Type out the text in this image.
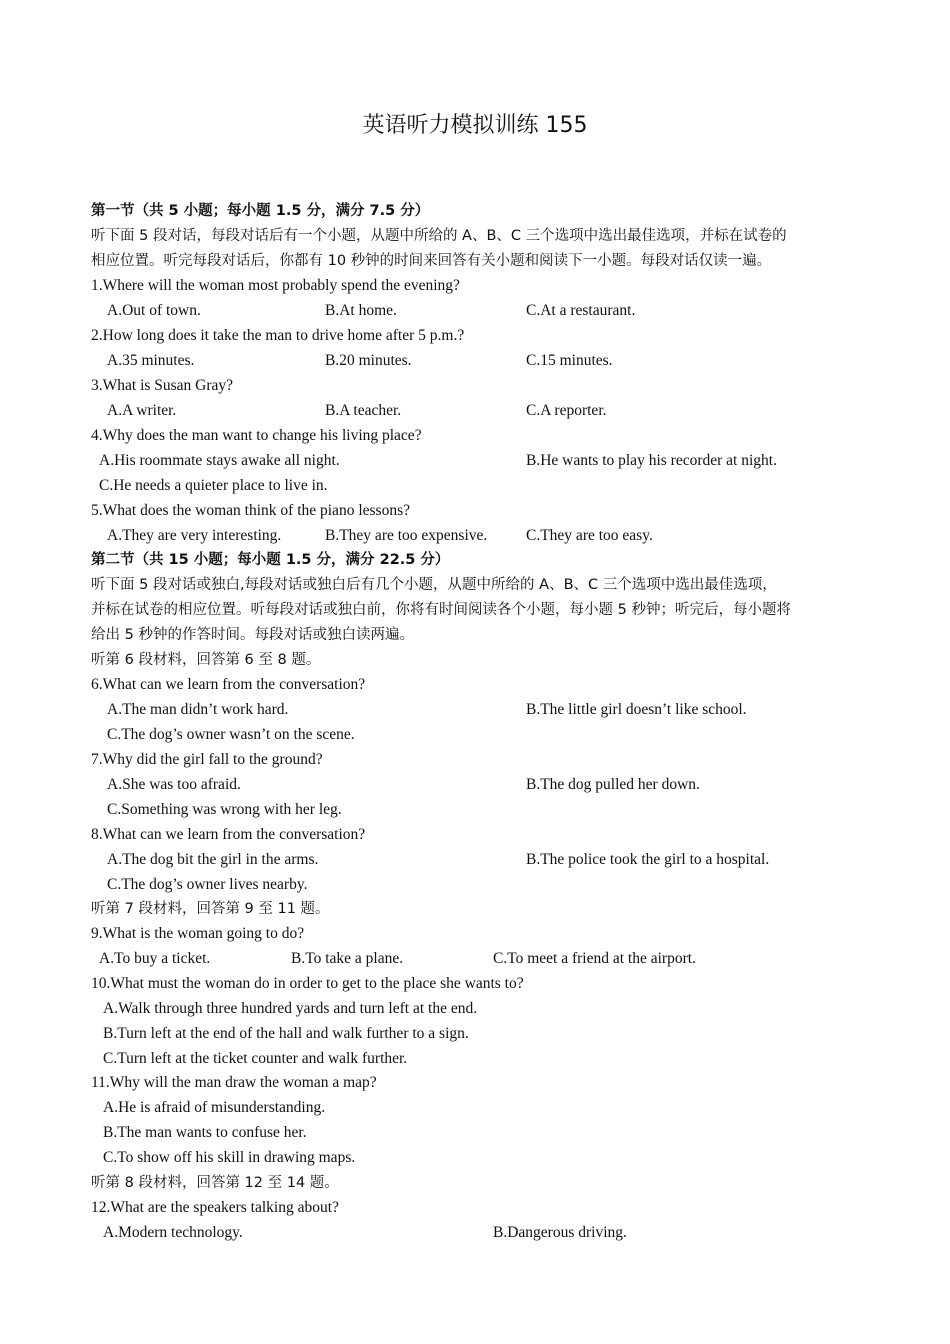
英语听力模拟训练 155
第一节（共 5 小题；每小题 1.5 分，满分 7.5 分）
听下面 5 段对话，每段对话后有一个小题，从题中所给的 A、B、C 三个选项中选出最佳选项，并标在试卷的
相应位置。听完每段对话后，你都有 10 秒钟的时间来回答有关小题和阅读下一小题。每段对话仅读一遍。
1.Where will the woman most probably spend the evening?
A.Out of town.	B.At home.	C.At a restaurant.
2.How long does it take the man to drive home after 5 p.m.?
A.35 minutes.	B.20 minutes.	C.15 minutes.
3.What is Susan Gray?
A.A writer.	B.A teacher.	C.A reporter.
4.Why does the man want to change his living place?
A.His roommate stays awake all night.	B.He wants to play his recorder at night.
C.He needs a quieter place to live in.
5.What does the woman think of the piano lessons?
A.They are very interesting.	B.They are too expensive. C.They are too easy.
第二节（共 15 小题；每小题 1.5 分，满分 22.5 分）
听下面 5 段对话或独白,每段对话或独白后有几个小题，从题中所给的 A、B、C 三个选项中选出最佳选项，
并标在试卷的相应位置。听每段对话或独白前，你将有时间阅读各个小题，每小题 5 秒钟；听完后，每小题将
给出 5 秒钟的作答时间。每段对话或独白读两遍。
听第 6 段材料，回答第 6 至 8 题。
6.What can we learn from the conversation?
A.The man didn’t work hard.	B.The little girl doesn’t like school.
C.The dog’s owner wasn’t on the scene.
7.Why did the girl fall to the ground?
A.She was too afraid.	B.The dog pulled her down.
C.Something was wrong with her leg.
8.What can we learn from the conversation?
A.The dog bit the girl in the arms.	B.The police took the girl to a hospital.
C.The dog’s owner lives nearby.
听第 7 段材料，回答第 9 至 11 题。
9.What is the woman going to do?
A.To buy a ticket.	B.To take a plane.	C.To meet a friend at the airport.
10.What must the woman do in order to get to the place she wants to?
A.Walk through three hundred yards and turn left at the end.
B.Turn left at the end of the hall and walk further to a sign.
C.Turn left at the ticket counter and walk further.
11.Why will the man draw the woman a map?
A.He is afraid of misunderstanding.
B.The man wants to confuse her.
C.To show off his skill in drawing maps.
听第 8 段材料，回答第 12 至 14 题。
12.What are the speakers talking about?
A.Modern technology.	B.Dangerous driving.
